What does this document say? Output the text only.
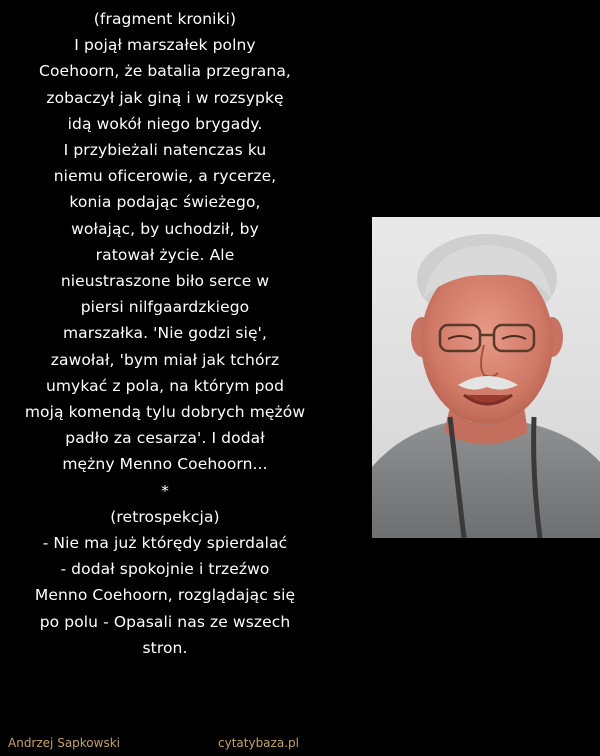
(fragment kroniki)
I pojął marszałek polny
Coehoorn, że batalia przegrana,
zobaczył jak giną i w rozsypkę
idą wokół niego brygady.
I przybieżali natenczas ku
niemu oficerowie, a rycerze,
konia podając świeżego,
wołając, by uchodził, by
ratował życie. Ale
nieustraszone biło serce w
piersi nilfgaardzkiego
marszałka. 'Nie godzi się',
zawołał, 'bym miał jak tchórz
umykać z pola, na którym pod
moją komendą tylu dobrych mężów
padło za cesarza'. I dodał
mężny Menno Coehoorn...
*
(retrospekcja)
- Nie ma już którędy spierdalać
- dodał spokojnie i trzeźwo
Menno Coehoorn, rozglądając się
po polu - Opasali nas ze wszech
stron.
Andrzej Sapkowski	cytatybaza.pl
